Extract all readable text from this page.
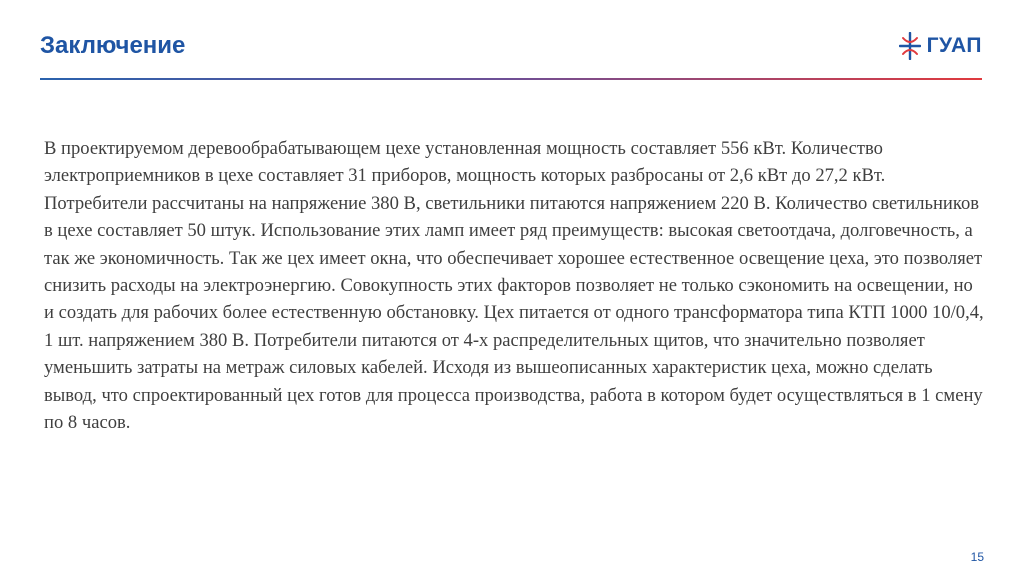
Заключение	ГУАП

В проектируемом деревообрабатывающем цехе установленная мощность составляет 556 кВт. Количество электроприемников в цехе составляет 31 приборов, мощность которых разбросаны от 2,6 кВт до 27,2 кВт. Потребители рассчитаны на напряжение 380 В, светильники питаются напряжением 220 В. Количество светильников в цехе составляет 50 штук. Использование этих ламп имеет ряд преимуществ: высокая светоотдача, долговечность, а так же экономичность. Так же цех имеет окна, что обеспечивает хорошее естественное освещение цеха, это позволяет снизить расходы на электроэнергию. Совокупность этих факторов позволяет не только сэкономить на освещении, но и создать для рабочих более естественную обстановку. Цех питается от одного трансформатора типа КТП 1000 10/0,4, 1 шт. напряжением 380 В. Потребители питаются от 4-х распределительных щитов, что значительно позволяет уменьшить затраты на метраж силовых кабелей. Исходя из вышеописанных характеристик цеха, можно сделать вывод, что спроектированный цех готов для процесса производства, работа в котором будет осуществляться в 1 смену по 8 часов.

15
